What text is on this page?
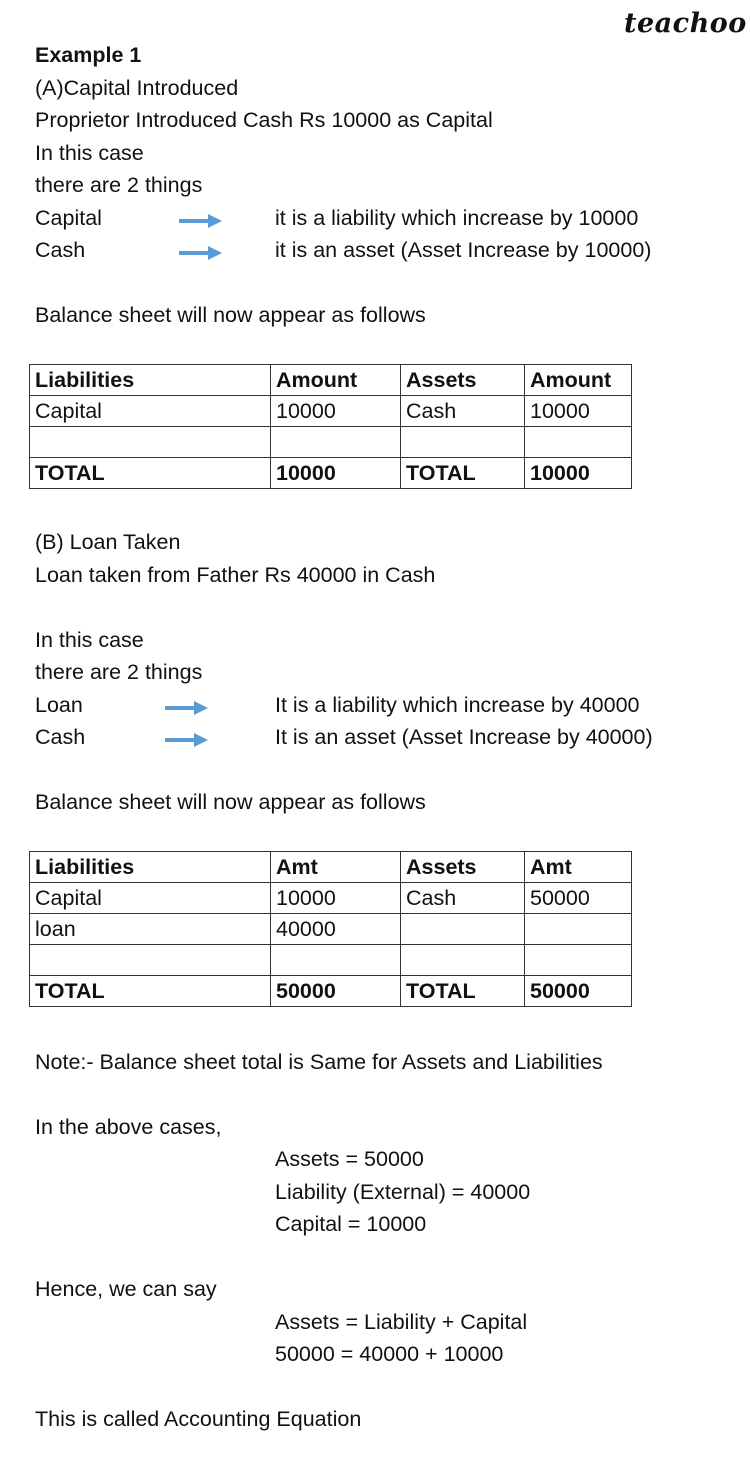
teachoo
Example 1
(A)Capital Introduced
Proprietor Introduced Cash Rs 10000 as Capital
In this case
there are 2 things
Capital	it is a liability which increase by 10000
Cash	it is an asset (Asset Increase by 10000)
Balance sheet will now appear as follows
Liabilities	Amount	Assets	Amount
Capital	10000	Cash	10000

TOTAL	10000	TOTAL	10000
(B) Loan Taken
Loan taken from Father Rs 40000 in Cash
In this case
there are 2 things
Loan	It is a liability which increase by 40000
Cash	It is an asset (Asset Increase by 40000)
Balance sheet will now appear as follows
Liabilities	Amt	Assets	Amt
Capital	10000	Cash	50000
loan	40000		

TOTAL	50000	TOTAL	50000
Note:- Balance sheet total is Same for Assets and Liabilities
In the above cases,
Assets = 50000
Liability (External) = 40000
Capital = 10000
Hence, we can say
Assets = Liability + Capital
50000 = 40000 + 10000
This is called Accounting Equation
